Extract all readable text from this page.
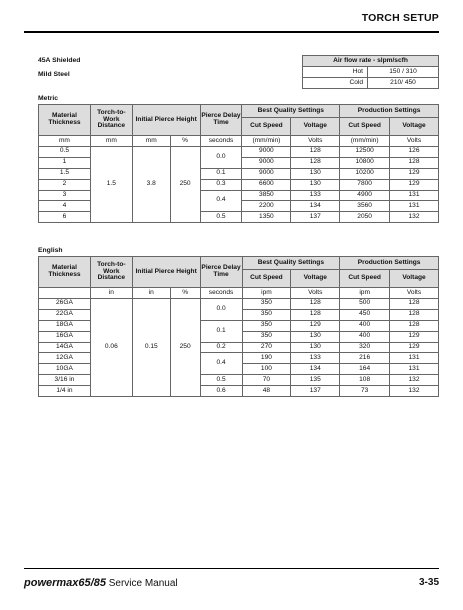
TORCH SETUP
45A Shielded
Mild Steel
Air flow rate - slpm/scfh	
Hot	150 / 310
Cold	210/ 450
Metric
Material Thickness	Torch-to-Work Distance	Initial Pierce Height		Pierce Delay Time	Best Quality Settings		Production Settings	
					Cut Speed	Voltage	Cut Speed	Voltage
mm	mm	mm	%	seconds	(mm/min)	Volts	(mm/min)	Volts
0.5	1.5	3.8	250	0.0	9000	128	12500	126
1					9000	128	10800	128
1.5				0.1	9000	130	10200	129
2				0.3	6600	130	7800	129
3				0.4	3850	133	4900	131
4					2200	134	3560	131
6				0.5	1350	137	2050	132
English
Material Thickness	Torch-to-Work Distance	Initial Pierce Height		Pierce Delay Time	Best Quality Settings		Production Settings	
					Cut Speed	Voltage	Cut Speed	Voltage
	in	in	%	seconds	ipm	Volts	ipm	Volts
26GA	0.06	0.15	250	0.0	350	128	500	128
22GA					350	128	450	128
18GA				0.1	350	129	400	128
16GA					350	130	400	129
14GA				0.2	270	130	320	129
12GA				0.4	190	133	216	131
10GA					100	134	164	131
3/16 in				0.5	70	135	108	132
1/4 in				0.6	48	137	73	132
powermax65/85 Service Manual	3-35
